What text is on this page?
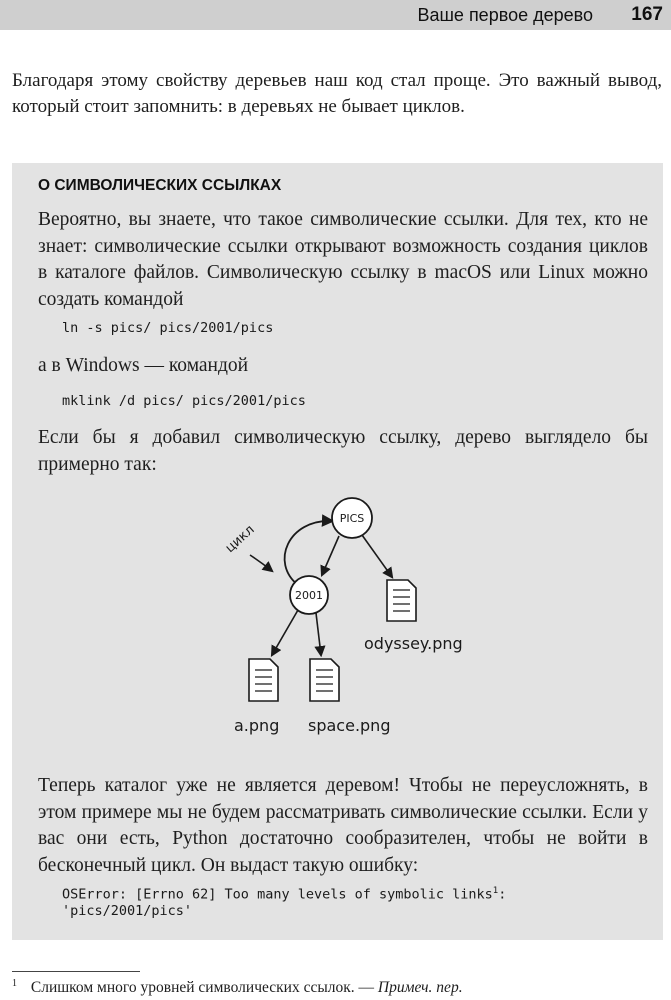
Ваше первое дерево 167

Благодаря этому свойству деревьев наш код стал проще. Это важный вывод, который стоит запомнить: в деревьях не бывает циклов.

О СИМВОЛИЧЕСКИХ ССЫЛКАХ

Вероятно, вы знаете, что такое символические ссылки. Для тех, кто не знает: символические ссылки открывают возможность создания циклов в каталоге файлов. Символическую ссылку в macOS или Linux можно создать командой

ln -s pics/ pics/2001/pics

а в Windows — командой

mklink /d pics/ pics/2001/pics

Если бы я добавил символическую ссылку, дерево выглядело бы примерно так:

цикл
PICS
2001
odyssey.png
a.png space.png

Теперь каталог уже не является деревом! Чтобы не переусложнять, в этом примере мы не будем рассматривать символические ссылки. Если у вас они есть, Python достаточно сообразителен, чтобы не войти в бесконечный цикл. Он выдаст такую ошибку:

OSError: [Errno 62] Too many levels of symbolic links$^1$:
'pics/2001/pics'

$^1$ Слишком много уровней символических ссылок. — Примеч. пер.
